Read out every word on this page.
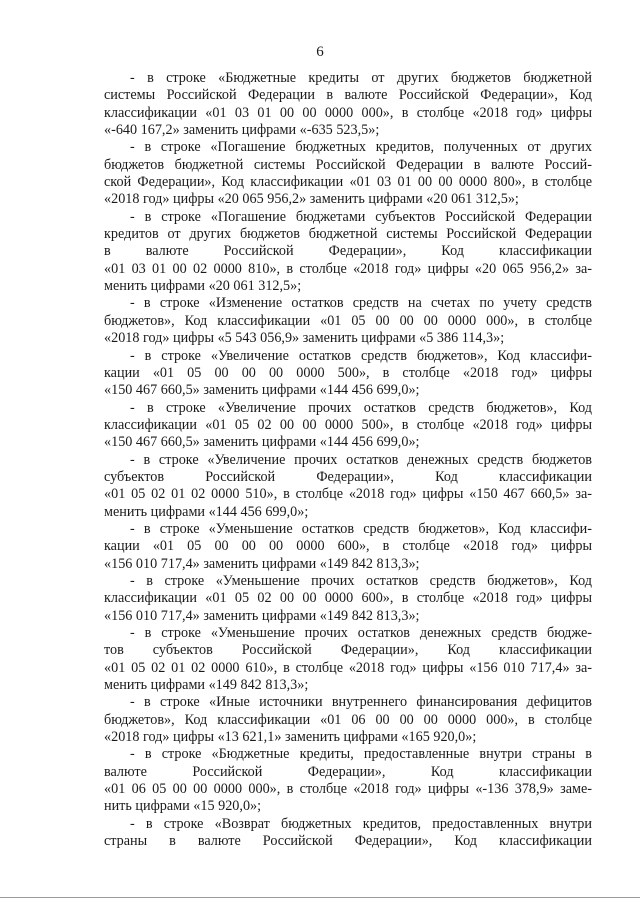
6
- в строке «Бюджетные кредиты от других бюджетов бюджетной
системы Российской Федерации в валюте Российской Федерации», Код
классификации «01 03 01 00 00 0000 000», в столбце «2018 год» цифры
«-640 167,2» заменить цифрами «-635 523,5»;
- в строке «Погашение бюджетных кредитов, полученных от других
бюджетов бюджетной системы Российской Федерации в валюте Россий-
ской Федерации», Код классификации «01 03 01 00 00 0000 800», в столбце
«2018 год» цифры «20 065 956,2» заменить цифрами «20 061 312,5»;
- в строке «Погашение бюджетами субъектов Российской Федерации
кредитов от других бюджетов бюджетной системы Российской Федерации
в валюте Российской Федерации», Код классификации
«01 03 01 00 02 0000 810», в столбце «2018 год» цифры «20 065 956,2» за-
менить цифрами «20 061 312,5»;
- в строке «Изменение остатков средств на счетах по учету средств
бюджетов», Код классификации «01 05 00 00 00 0000 000», в столбце
«2018 год» цифры «5 543 056,9» заменить цифрами «5 386 114,3»;
- в строке «Увеличение остатков средств бюджетов», Код классифи-
кации «01 05 00 00 00 0000 500», в столбце «2018 год» цифры
«150 467 660,5» заменить цифрами «144 456 699,0»;
- в строке «Увеличение прочих остатков средств бюджетов», Код
классификации «01 05 02 00 00 0000 500», в столбце «2018 год» цифры
«150 467 660,5» заменить цифрами «144 456 699,0»;
- в строке «Увеличение прочих остатков денежных средств бюджетов
субъектов Российской Федерации», Код классификации
«01 05 02 01 02 0000 510», в столбце «2018 год» цифры «150 467 660,5» за-
менить цифрами «144 456 699,0»;
- в строке «Уменьшение остатков средств бюджетов», Код классифи-
кации «01 05 00 00 00 0000 600», в столбце «2018 год» цифры
«156 010 717,4» заменить цифрами «149 842 813,3»;
- в строке «Уменьшение прочих остатков средств бюджетов», Код
классификации «01 05 02 00 00 0000 600», в столбце «2018 год» цифры
«156 010 717,4» заменить цифрами «149 842 813,3»;
- в строке «Уменьшение прочих остатков денежных средств бюдже-
тов субъектов Российской Федерации», Код классификации
«01 05 02 01 02 0000 610», в столбце «2018 год» цифры «156 010 717,4» за-
менить цифрами «149 842 813,3»;
- в строке «Иные источники внутреннего финансирования дефицитов
бюджетов», Код классификации «01 06 00 00 00 0000 000», в столбце
«2018 год» цифры «13 621,1» заменить цифрами «165 920,0»;
- в строке «Бюджетные кредиты, предоставленные внутри страны в
валюте Российской Федерации», Код классификации
«01 06 05 00 00 0000 000», в столбце «2018 год» цифры «-136 378,9» заме-
нить цифрами «15 920,0»;
- в строке «Возврат бюджетных кредитов, предоставленных внутри
страны в валюте Российской Федерации», Код классификации
